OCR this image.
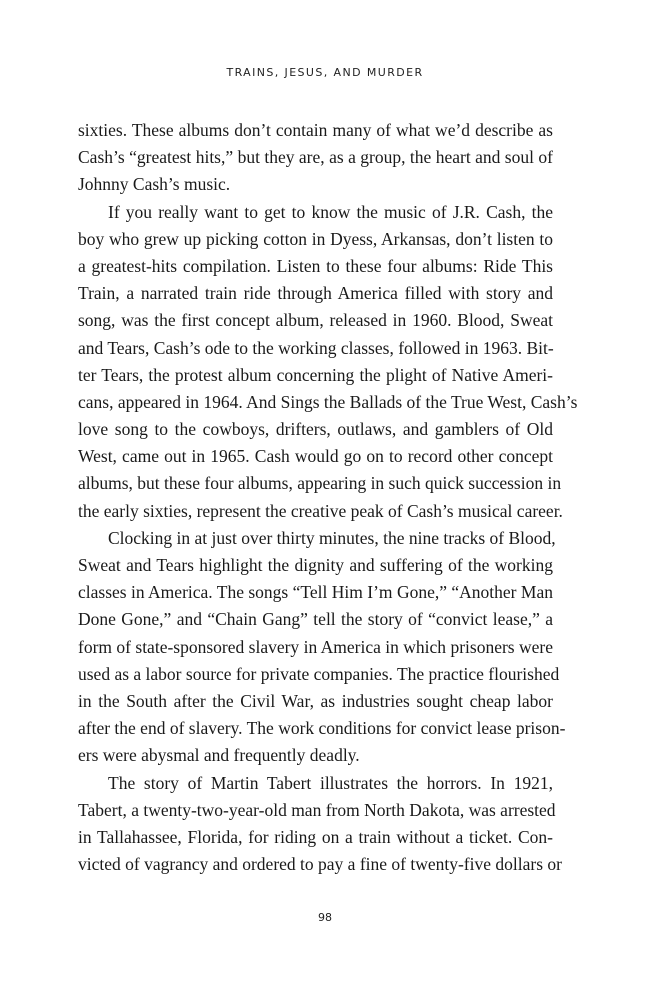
TRAINS, JESUS, AND MURDER
sixties. These albums don’t contain many of what we’d describe as
Cash’s “greatest hits,” but they are, as a group, the heart and soul of
Johnny Cash’s music.
If you really want to get to know the music of J.R. Cash, the
boy who grew up picking cotton in Dyess, Arkansas, don’t listen to
a greatest-hits compilation. Listen to these four albums: Ride This
Train, a narrated train ride through America filled with story and
song, was the first concept album, released in 1960. Blood, Sweat
and Tears, Cash’s ode to the working classes, followed in 1963. Bit-
ter Tears, the protest album concerning the plight of Native Ameri-
cans, appeared in 1964. And Sings the Ballads of the True West, Cash’s
love song to the cowboys, drifters, outlaws, and gamblers of Old
West, came out in 1965. Cash would go on to record other concept
albums, but these four albums, appearing in such quick succession in
the early sixties, represent the creative peak of Cash’s musical career.
Clocking in at just over thirty minutes, the nine tracks of Blood,
Sweat and Tears highlight the dignity and suffering of the working
classes in America. The songs “Tell Him I’m Gone,” “Another Man
Done Gone,” and “Chain Gang” tell the story of “convict lease,” a
form of state-sponsored slavery in America in which prisoners were
used as a labor source for private companies. The practice flourished
in the South after the Civil War, as industries sought cheap labor
after the end of slavery. The work conditions for convict lease prison-
ers were abysmal and frequently deadly.
The story of Martin Tabert illustrates the horrors. In 1921,
Tabert, a twenty-two-year-old man from North Dakota, was arrested
in Tallahassee, Florida, for riding on a train without a ticket. Con-
victed of vagrancy and ordered to pay a fine of twenty-five dollars or
98
